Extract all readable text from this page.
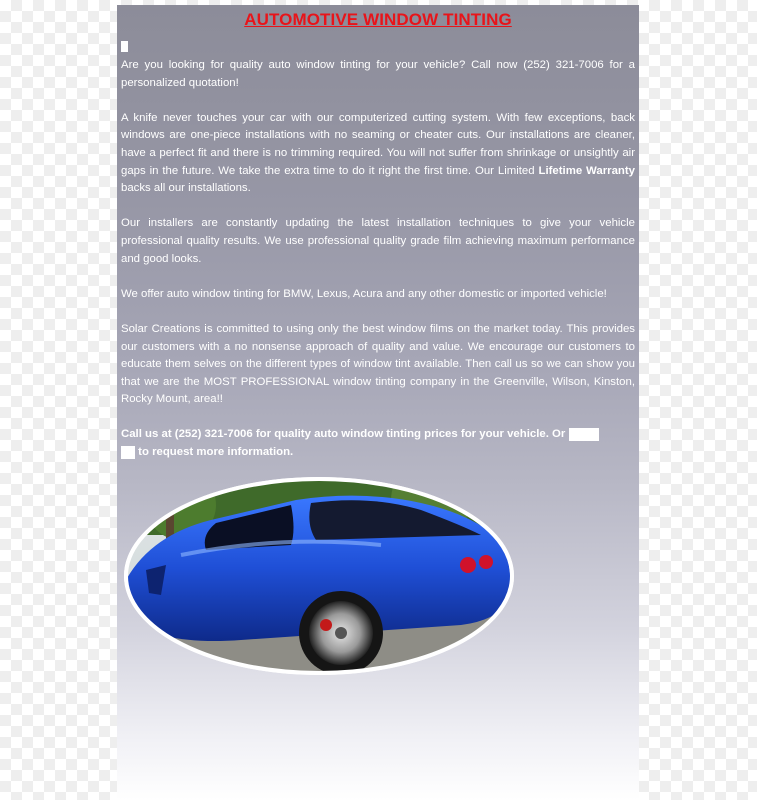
AUTOMOTIVE WINDOW TINTING

Are you looking for quality auto window tinting for your vehicle? Call now (252) 321-7006 for a personalized quotation!

A knife never touches your car with our computerized cutting system. With few exceptions, back windows are one-piece installations with no seaming or cheater cuts. Our installations are cleaner, have a perfect fit and there is no trimming required. You will not suffer from shrinkage or unsightly air gaps in the future. We take the extra time to do it right the first time. Our Limited Lifetime Warranty backs all our installations.

Our installers are constantly updating the latest installation techniques to give your vehicle professional quality results. We use professional quality grade film achieving maximum performance and good looks.

We offer auto window tinting for BMW, Lexus, Acura and any other domestic or imported vehicle!

Solar Creations is committed to using only the best window films on the market today. This provides our customers with a no nonsense approach of quality and value. We encourage our customers to educate them selves on the different types of window tint available. Then call us so we can show you that we are the MOST PROFESSIONAL window tinting company in the Greenville, Wilson, Kinston, Rocky Mount, area!!

Call us at (252) 321-7006 for quality auto window tinting prices for your vehicle. Or
to request more information.
